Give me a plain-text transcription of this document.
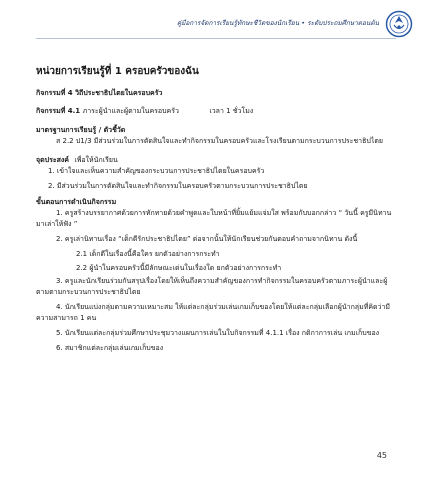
คู่มือการจัดการเรียนรู้ทักษะชีวิตของนักเรียน • ระดับประถมศึกษาตอนต้น
หน่วยการเรียนรู้ที่ 1 ครอบครัวของฉัน
กิจกรรมที่ 4 วิถีประชาธิปไตยในครอบครัว
กิจกรรมที่ 4.1 ภาระผู้นำและผู้ตามในครอบครัว	เวลา 1 ชั่วโมง
มาตรฐานการเรียนรู้ / ตัวชี้วัด

ส 2.2 ป1/3 มีส่วนร่วมในการตัดสินใจและทำกิจกรรมในครอบครัวและโรงเรียนตามกระบวนการประชาธิปไตย

จุดประสงค์ เพื่อให้นักเรียน

1. เข้าใจและเห็นความสำคัญของกระบวนการประชาธิปไตยในครอบครัว

2. มีส่วนร่วมในการตัดสินใจและทำกิจกรรมในครอบครัวตามกระบวนการประชาธิปไตย

ขั้นตอนการดำเนินกิจกรรม

1. ครูสร้างบรรยากาศด้วยการทักทายด้วยคำพูดและใบหน้าที่ยิ้มแย้มแจ่มใส พร้อมกับบอกกล่าว “ วันนี้ ครูมีนิทานมาเล่าให้ฟัง ”

2. ครูเล่านิทานเรื่อง “เด็กดีรักประชาธิปไตย” ต่อจากนั้นให้นักเรียนช่วยกันตอบคำถามจากนิทาน ดังนี้

2.1 เด็กดีในเรื่องนี้คือใคร ยกตัวอย่างการกระทำ

2.2 ผู้นำในครอบครัวนี้มีลักษณะเด่นในเรื่องใด ยกตัวอย่างการกระทำ

3. ครูและนักเรียนร่วมกันสรุปเรื่องโดยให้เห็นถึงความสำคัญของการทำกิจกรรมในครอบครัวตามภาระผู้นำและผู้ตามตามกระบวนการประชาธิปไตย

4. นักเรียนแบ่งกลุ่มตามความเหมาะสม ให้แต่ละกลุ่มร่วมเล่นเกมเก็บของโดยให้แต่ละกลุ่มเลือกผู้นำกลุ่มที่คิดว่ามีความสามารถ 1 คน

5. นักเรียนแต่ละกลุ่มร่วมศึกษาประชุมวางแผนการเล่นในใบกิจกรรมที่ 4.1.1 เรื่อง กติกาการเล่น เกมเก็บของ

6. สมาชิกแต่ละกลุ่มเล่นเกมเก็บของ

45
